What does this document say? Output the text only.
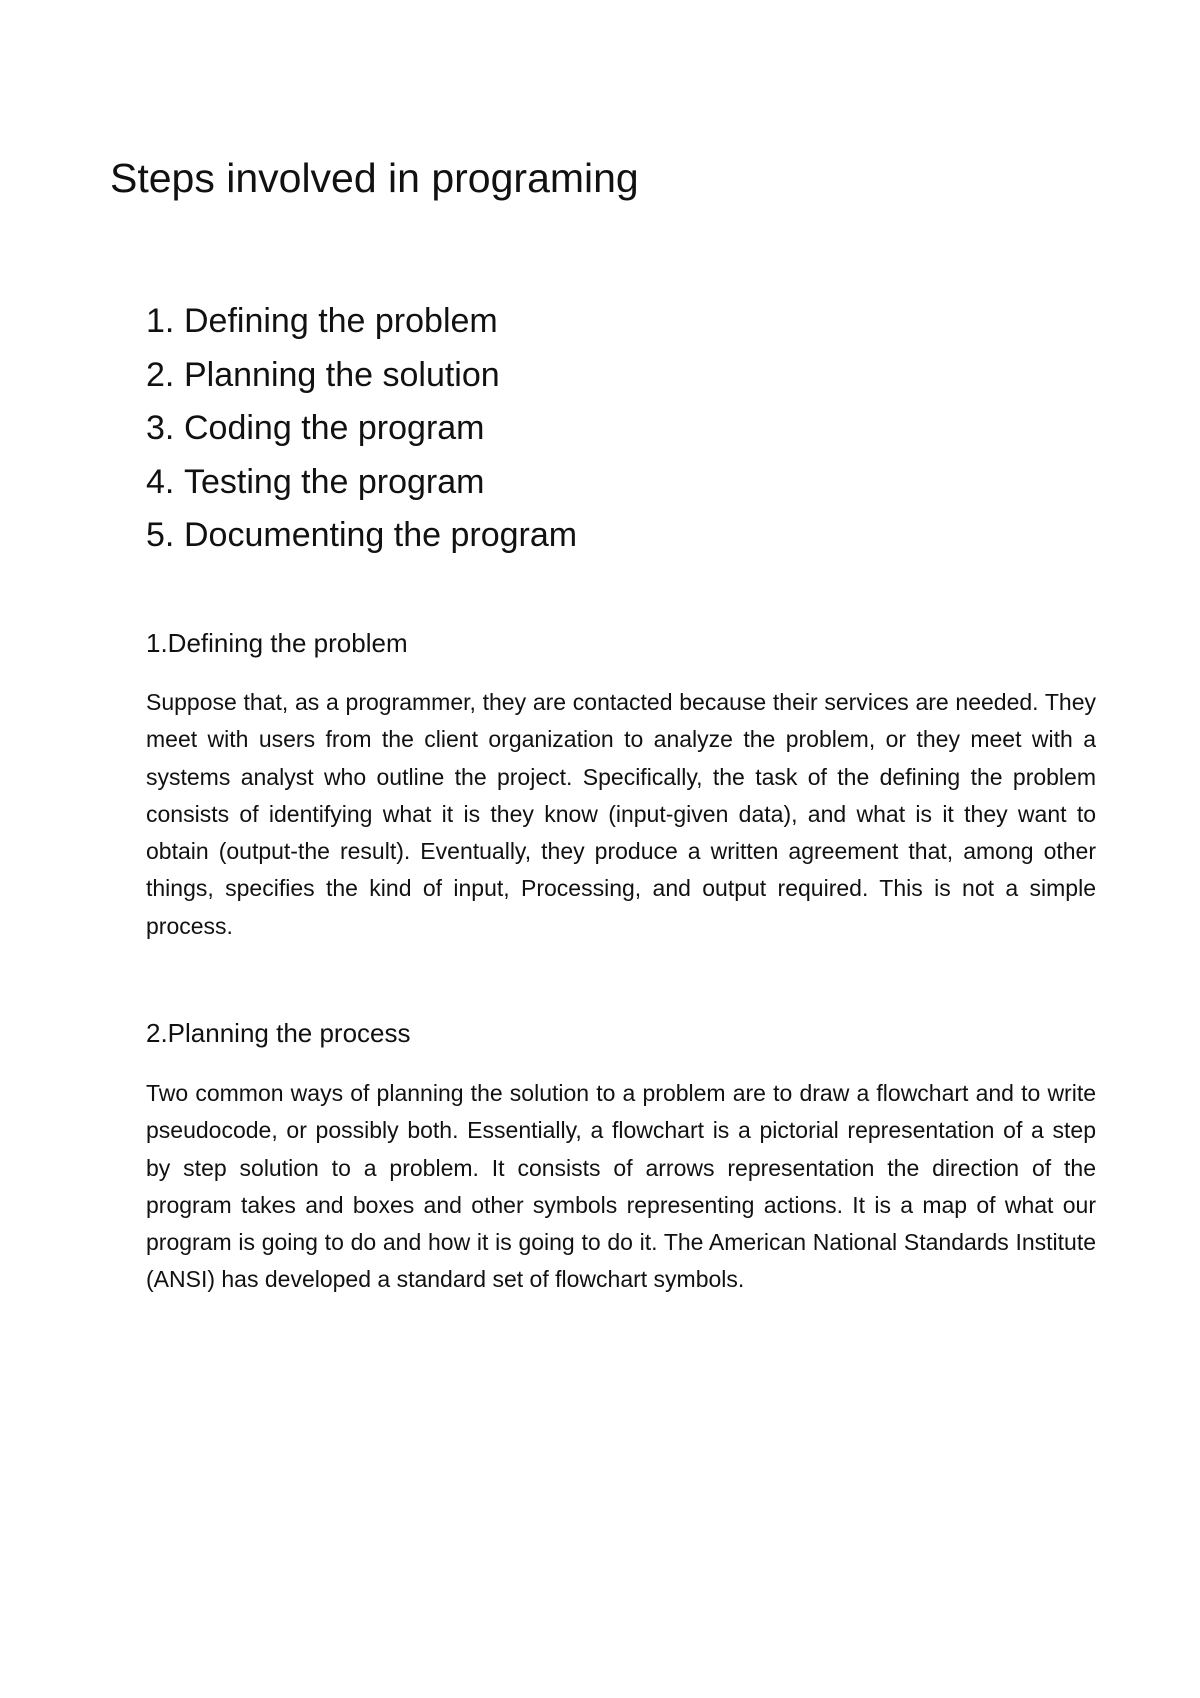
Steps involved in programing
1. Defining the problem
2. Planning the solution
3. Coding the program
4. Testing the program
5. Documenting the program
1.Defining the problem

Suppose that, as a programmer, they are contacted because their services are needed. They meet with users from the client organization to analyze the problem, or they meet with a systems analyst who outline the project. Specifically, the task of the defining the problem consists of identifying what it is they know (input-given data), and what is it they want to obtain (output-the result). Eventually, they produce a written agreement that, among other things, specifies the kind of input, Processing, and output required. This is not a simple process.

2.Planning the process

Two common ways of planning the solution to a problem are to draw a flowchart and to write pseudocode, or possibly both. Essentially, a flowchart is a pictorial representation of a step by step solution to a problem. It consists of arrows representation the direction of the program takes and boxes and other symbols representing actions. It is a map of what our program is going to do and how it is going to do it. The American National Standards Institute (ANSI) has developed a standard set of flowchart symbols.
